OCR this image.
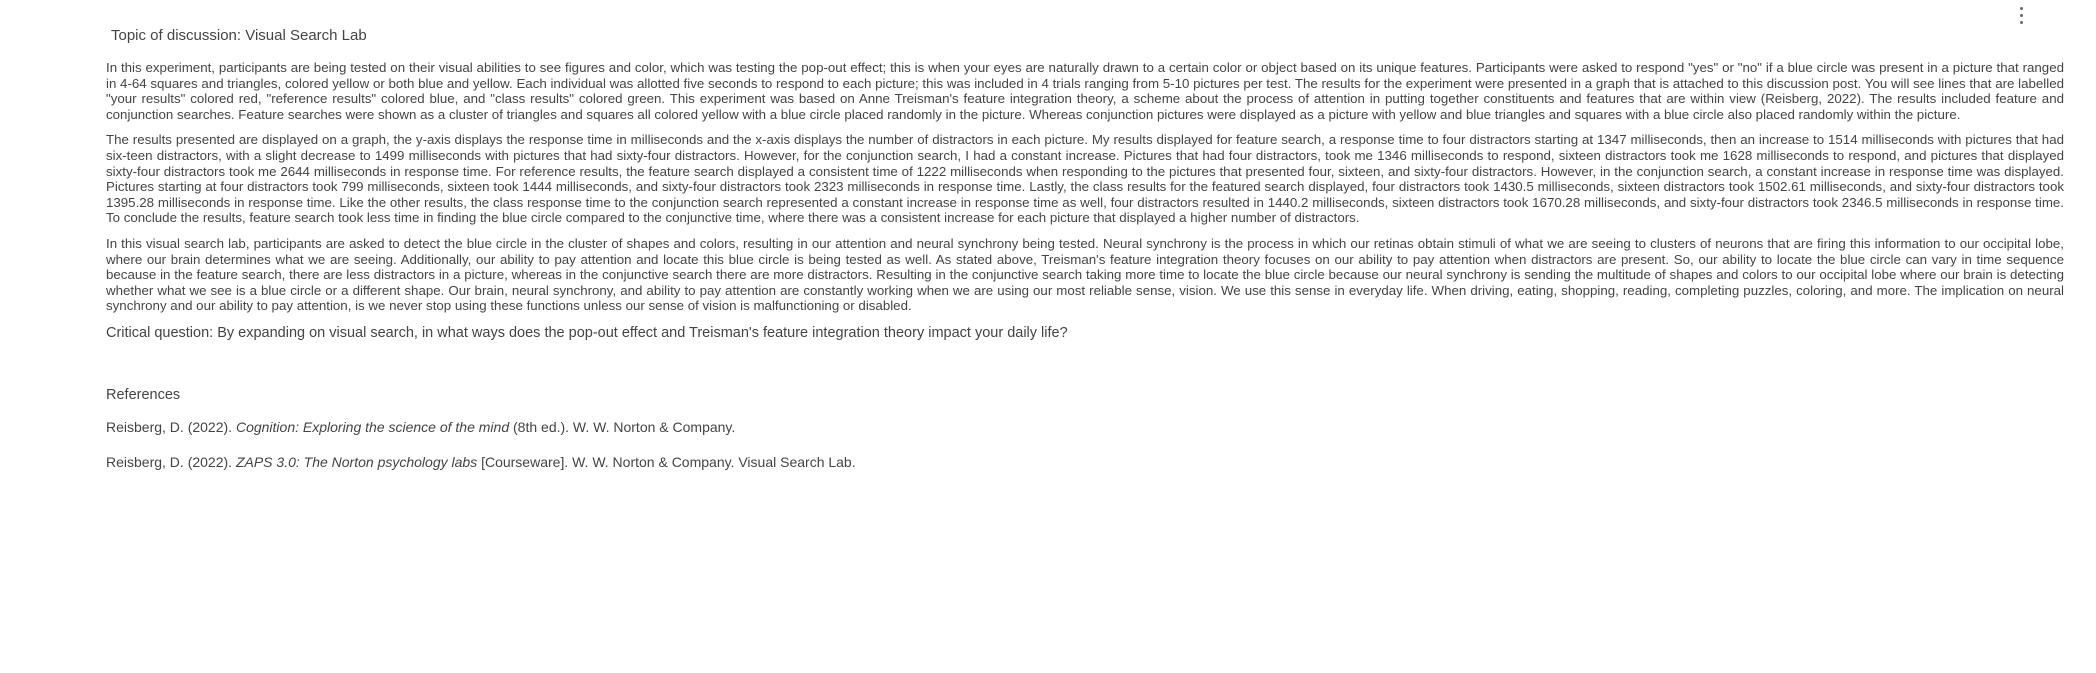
Topic of discussion: Visual Search Lab

In this experiment, participants are being tested on their visual abilities to see figures and color, which was testing the pop-out effect; this is when your eyes are naturally drawn to a certain color or object based on its unique features. Participants were asked to respond "yes" or "no" if a blue circle was present in a picture that ranged in 4-64 squares and triangles, colored yellow or both blue and yellow. Each individual was allotted five seconds to respond to each picture; this was included in 4 trials ranging from 5-10 pictures per test. The results for the experiment were presented in a graph that is attached to this discussion post. You will see lines that are labelled "your results" colored red, "reference results" colored blue, and "class results" colored green. This experiment was based on Anne Treisman's feature integration theory, a scheme about the process of attention in putting together constituents and features that are within view (Reisberg, 2022). The results included feature and conjunction searches. Feature searches were shown as a cluster of triangles and squares all colored yellow with a blue circle placed randomly in the picture. Whereas conjunction pictures were displayed as a picture with yellow and blue triangles and squares with a blue circle also placed randomly within the picture.

The results presented are displayed on a graph, the y-axis displays the response time in milliseconds and the x-axis displays the number of distractors in each picture. My results displayed for feature search, a response time to four distractors starting at 1347 milliseconds, then an increase to 1514 milliseconds with pictures that had six-teen distractors, with a slight decrease to 1499 milliseconds with pictures that had sixty-four distractors. However, for the conjunction search, I had a constant increase. Pictures that had four distractors, took me 1346 milliseconds to respond, sixteen distractors took me 1628 milliseconds to respond, and pictures that displayed sixty-four distractors took me 2644 milliseconds in response time. For reference results, the feature search displayed a consistent time of 1222 milliseconds when responding to the pictures that presented four, sixteen, and sixty-four distractors. However, in the conjunction search, a constant increase in response time was displayed. Pictures starting at four distractors took 799 milliseconds, sixteen took 1444 milliseconds, and sixty-four distractors took 2323 milliseconds in response time. Lastly, the class results for the featured search displayed, four distractors took 1430.5 milliseconds, sixteen distractors took 1502.61 milliseconds, and sixty-four distractors took 1395.28 milliseconds in response time. Like the other results, the class response time to the conjunction search represented a constant increase in response time as well, four distractors resulted in 1440.2 milliseconds, sixteen distractors took 1670.28 milliseconds, and sixty-four distractors took 2346.5 milliseconds in response time. To conclude the results, feature search took less time in finding the blue circle compared to the conjunctive time, where there was a consistent increase for each picture that displayed a higher number of distractors.

In this visual search lab, participants are asked to detect the blue circle in the cluster of shapes and colors, resulting in our attention and neural synchrony being tested. Neural synchrony is the process in which our retinas obtain stimuli of what we are seeing to clusters of neurons that are firing this information to our occipital lobe, where our brain determines what we are seeing. Additionally, our ability to pay attention and locate this blue circle is being tested as well. As stated above, Treisman's feature integration theory focuses on our ability to pay attention when distractors are present. So, our ability to locate the blue circle can vary in time sequence because in the feature search, there are less distractors in a picture, whereas in the conjunctive search there are more distractors. Resulting in the conjunctive search taking more time to locate the blue circle because our neural synchrony is sending the multitude of shapes and colors to our occipital lobe where our brain is detecting whether what we see is a blue circle or a different shape. Our brain, neural synchrony, and ability to pay attention are constantly working when we are using our most reliable sense, vision. We use this sense in everyday life. When driving, eating, shopping, reading, completing puzzles, coloring, and more. The implication on neural synchrony and our ability to pay attention, is we never stop using these functions unless our sense of vision is malfunctioning or disabled.

Critical question: By expanding on visual search, in what ways does the pop-out effect and Treisman's feature integration theory impact your daily life?
References
Reisberg, D. (2022). Cognition: Exploring the science of the mind (8th ed.). W. W. Norton & Company.
Reisberg, D. (2022). ZAPS 3.0: The Norton psychology labs [Courseware]. W. W. Norton & Company. Visual Search Lab.
